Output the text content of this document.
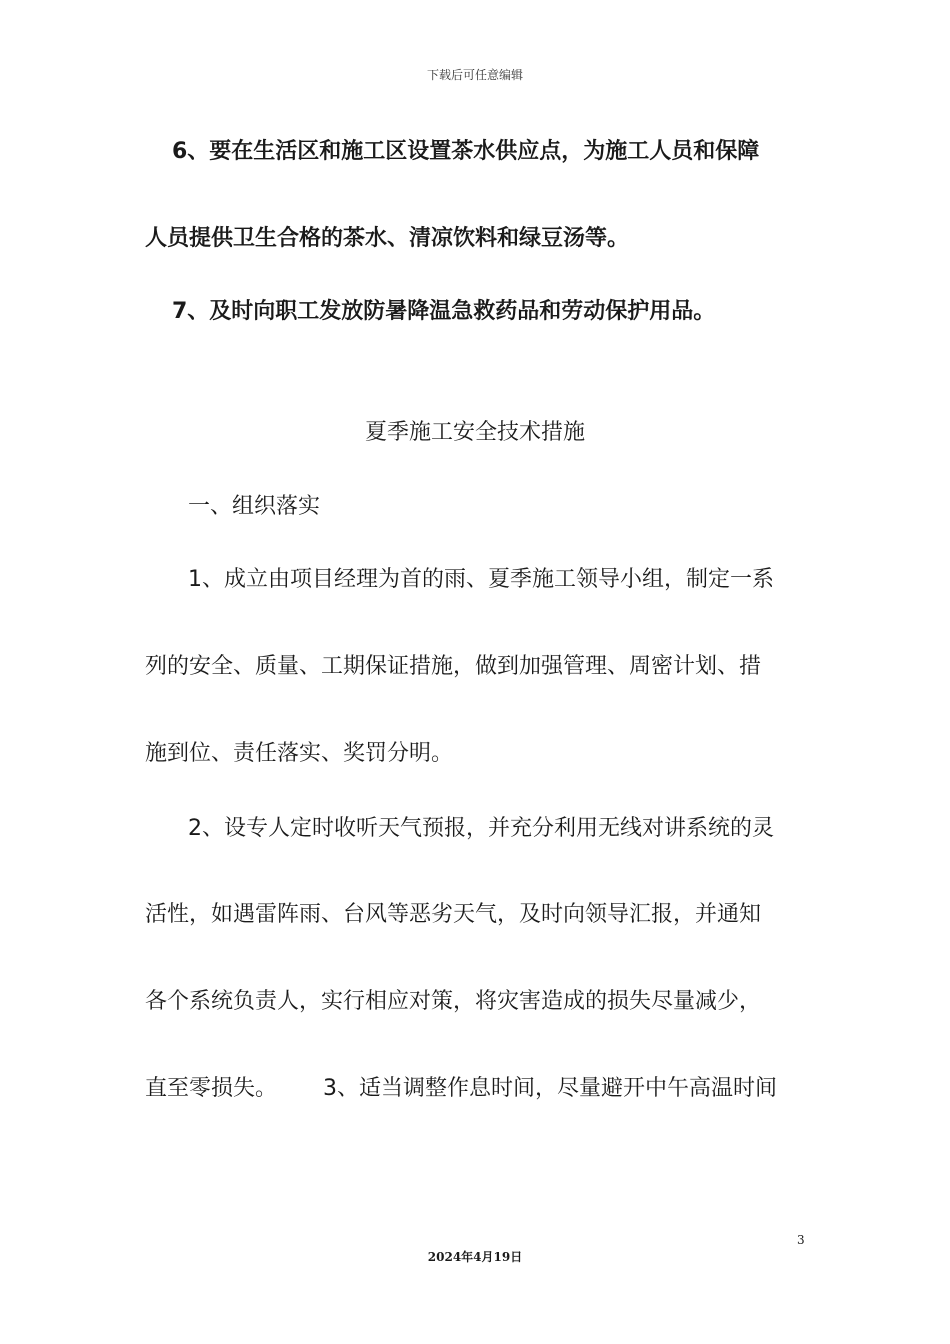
下载后可任意编辑
6、要在生活区和施工区设置茶水供应点，为施工人员和保障
人员提供卫生合格的茶水、清凉饮料和绿豆汤等。
7、及时向职工发放防暑降温急救药品和劳动保护用品。
夏季施工安全技术措施
一、组织落实
1、成立由项目经理为首的雨、夏季施工领导小组，制定一系
列的安全、质量、工期保证措施，做到加强管理、周密计划、措
施到位、责任落实、奖罚分明。
2、设专人定时收听天气预报，并充分利用无线对讲系统的灵
活性，如遇雷阵雨、台风等恶劣天气，及时向领导汇报，并通知
各个系统负责人，实行相应对策，将灾害造成的损失尽量减少，
直至零损失。 3、适当调整作息时间，尽量避开中午高温时间
3
2024年4月19日
